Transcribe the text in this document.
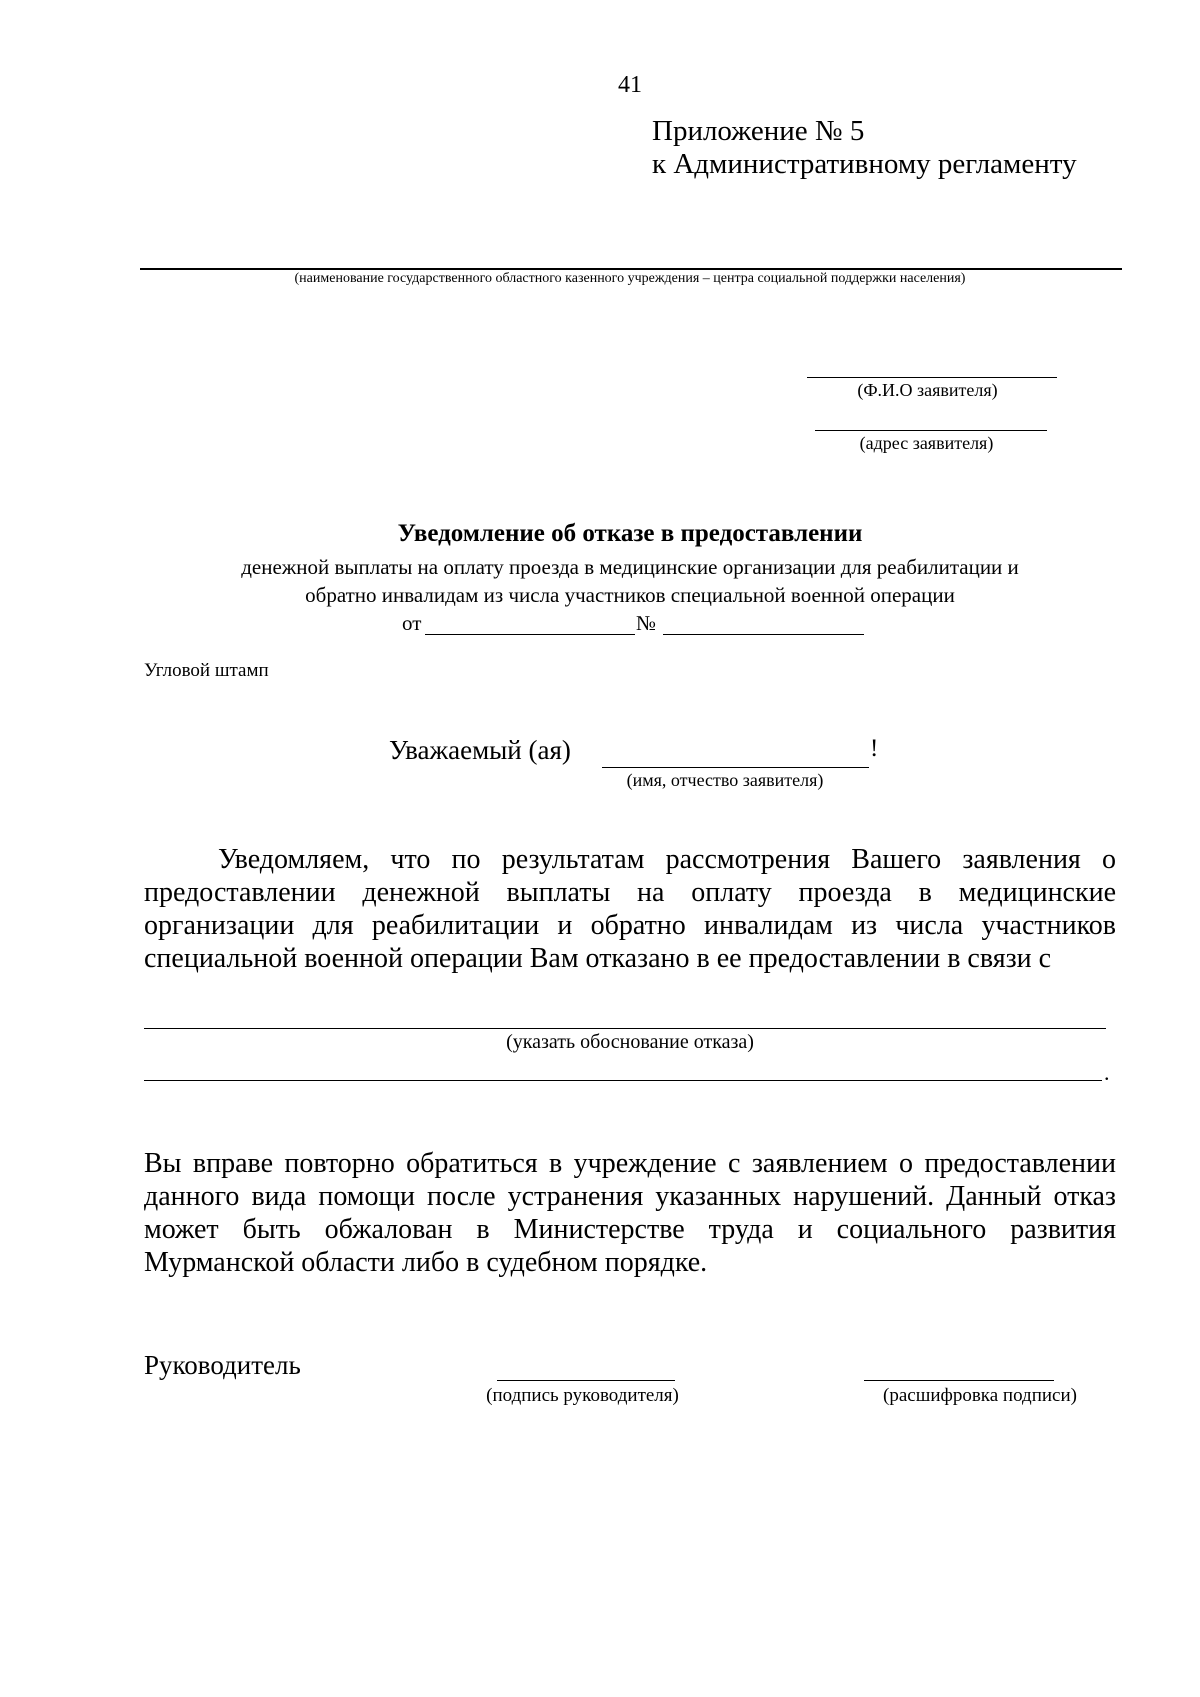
41
Приложение № 5
к Административному регламенту
(наименование государственного областного казенного учреждения – центра социальной поддержки населения)
(Ф.И.О заявителя)
(адрес заявителя)
Уведомление об отказе в предоставлении
денежной выплаты на оплату проезда в медицинские организации для реабилитации и
обратно инвалидам из числа участников специальной военной операции
от	№
Угловой штамп
Уважаемый (ая)	!
(имя, отчество заявителя)

Уведомляем, что по результатам рассмотрения Вашего заявления о предоставлении денежной выплаты на оплату проезда в медицинские организации для реабилитации и обратно инвалидам из числа участников специальной военной операции Вам отказано в ее предоставлении в связи с

(указать обоснование отказа)
.

Вы вправе повторно обратиться в учреждение с заявлением о предоставлении данного вида помощи после устранения указанных нарушений. Данный отказ может быть обжалован в Министерстве труда и социального развития Мурманской области либо в судебном порядке.

Руководитель
(подпись руководителя)	(расшифровка подписи)
